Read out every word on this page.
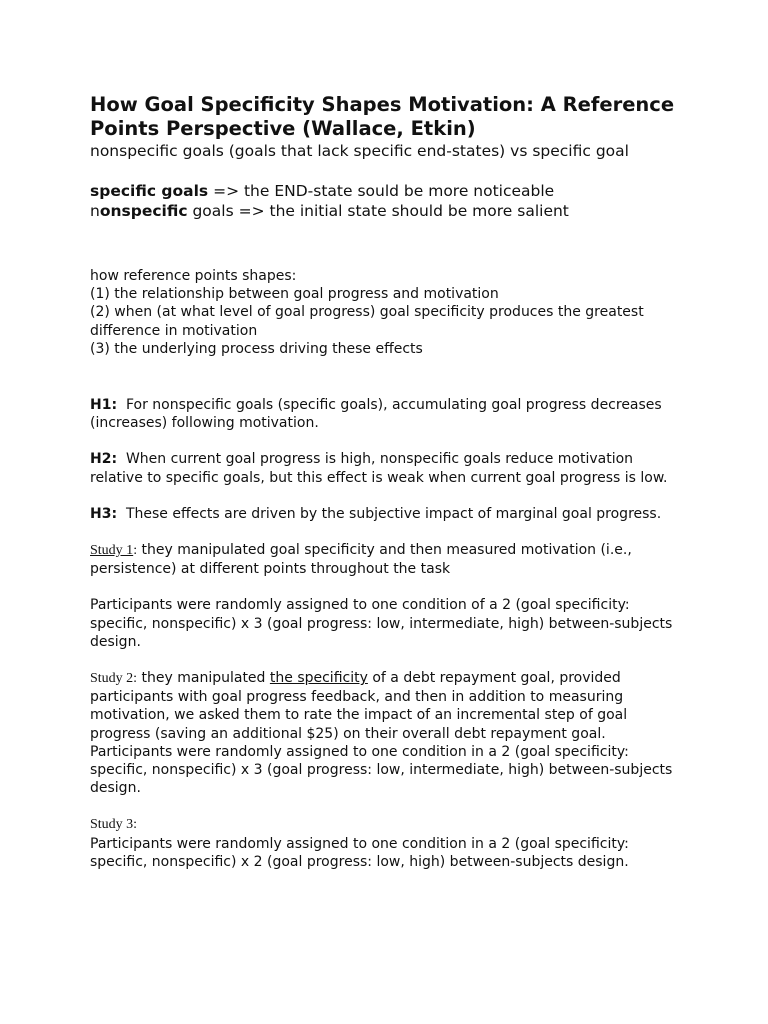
How Goal Specificity Shapes Motivation: A Reference Points Perspective (Wallace, Etkin)

nonspecific goals (goals that lack specific end-states) vs specific goal

specific goals => the END-state sould be more noticeable

nonspecific goals => the initial state should be more salient

how reference points shapes:

(1) the relationship between goal progress and motivation

(2) when (at what level of goal progress) goal specificity produces the greatest difference in motivation

(3) the underlying process driving these effects

H1: For nonspecific goals (specific goals), accumulating goal progress decreases (increases) following motivation.

H2: When current goal progress is high, nonspecific goals reduce motivation relative to specific goals, but this effect is weak when current goal progress is low.

H3: These effects are driven by the subjective impact of marginal goal progress.

Study 1: they manipulated goal specificity and then measured motivation (i.e., persistence) at different points throughout the task

Participants were randomly assigned to one condition of a 2 (goal specificity: specific, nonspecific) x 3 (goal progress: low, intermediate, high) between-subjects design.

Study 2: they manipulated the specificity of a debt repayment goal, provided participants with goal progress feedback, and then in addition to measuring motivation, we asked them to rate the impact of an incremental step of goal progress (saving an additional $25) on their overall debt repayment goal. Participants were randomly assigned to one condition in a 2 (goal specificity: specific, nonspecific) x 3 (goal progress: low, intermediate, high) between-subjects design.

Study 3:

Participants were randomly assigned to one condition in a 2 (goal specificity: specific, nonspecific) x 2 (goal progress: low, high) between-subjects design.
